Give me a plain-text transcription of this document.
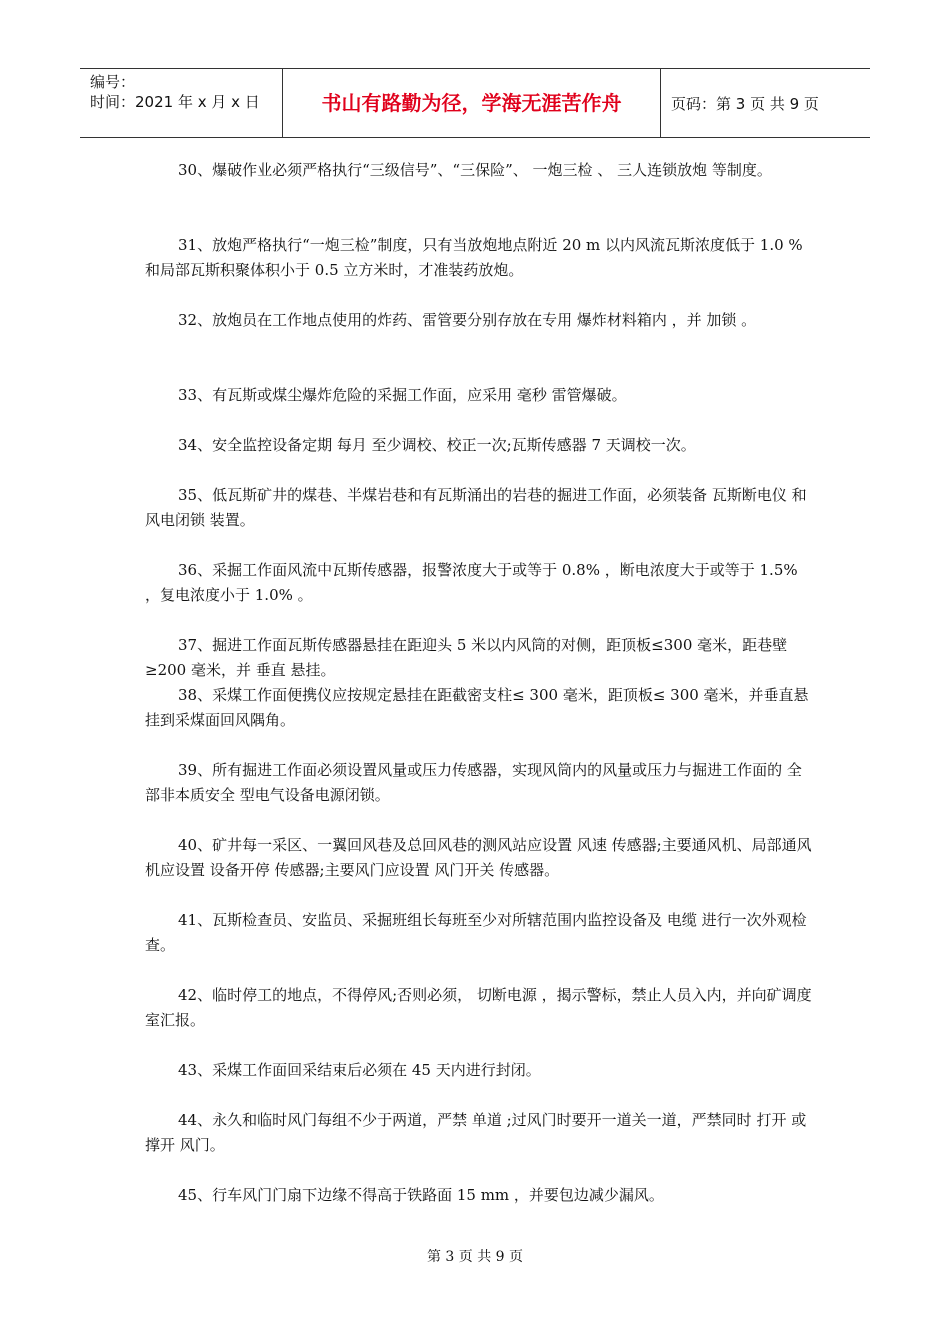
编号：
时间：2021 年 x 月 x 日	书山有路勤为径，学海无涯苦作舟	页码：第 3 页 共 9 页
30、爆破作业必须严格执行“三级信号”、“三保险”、 一炮三检 、 三人连锁放炮 等制度。
31、放炮严格执行“一炮三检”制度，只有当放炮地点附近 20 m 以内风流瓦斯浓度低于 1.0 %和局部瓦斯积聚体积小于 0.5 立方米时，才准装药放炮。
32、放炮员在工作地点使用的炸药、雷管要分别存放在专用 爆炸材料箱内 ，并 加锁 。
33、有瓦斯或煤尘爆炸危险的采掘工作面，应采用 毫秒 雷管爆破。
34、安全监控设备定期 每月 至少调校、校正一次;瓦斯传感器 7 天调校一次。
35、低瓦斯矿井的煤巷、半煤岩巷和有瓦斯涌出的岩巷的掘进工作面，必须装备 瓦斯断电仪 和 风电闭锁 装置。
36、采掘工作面风流中瓦斯传感器，报警浓度大于或等于 0.8% ，断电浓度大于或等于 1.5% ，复电浓度小于 1.0% 。
37、掘进工作面瓦斯传感器悬挂在距迎头 5 米以内风筒的对侧，距顶板≤300 毫米，距巷壁≥200 毫米，并 垂直 悬挂。
38、采煤工作面便携仪应按规定悬挂在距截密支柱≤ 300 毫米，距顶板≤ 300 毫米，并垂直悬挂到采煤面回风隅角。
39、所有掘进工作面必须设置风量或压力传感器，实现风筒内的风量或压力与掘进工作面的 全部非本质安全 型电气设备电源闭锁。
40、矿井每一采区、一翼回风巷及总回风巷的测风站应设置 风速 传感器;主要通风机、局部通风机应设置 设备开停 传感器;主要风门应设置 风门开关 传感器。
41、瓦斯检查员、安监员、采掘班组长每班至少对所辖范围内监控设备及 电缆 进行一次外观检查。
42、临时停工的地点，不得停风;否则必须， 切断电源 ，揭示警标，禁止人员入内，并向矿调度室汇报。
43、采煤工作面回采结束后必须在 45 天内进行封闭。
44、永久和临时风门每组不少于两道，严禁 单道 ;过风门时要开一道关一道，严禁同时 打开 或 撑开 风门。
45、行车风门门扇下边缘不得高于铁路面 15 mm ，并要包边减少漏风。
第 3 页 共 9 页
